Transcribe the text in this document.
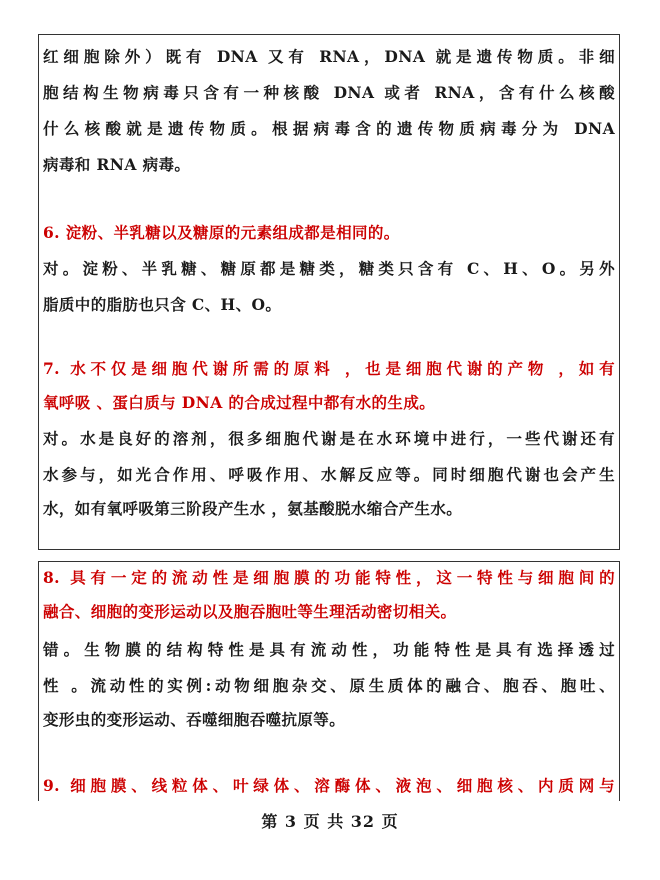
红细胞除外）既有 DNA 又有 RNA，DNA 就是遗传物质。非细
胞结构生物病毒只含有一种核酸 DNA 或者 RNA，含有什么核酸
什么核酸就是遗传物质。根据病毒含的遗传物质病毒分为 DNA
病毒和 RNA 病毒。
6. 淀粉、半乳糖以及糖原的元素组成都是相同的。
对。淀粉、半乳糖、糖原都是糖类，糖类只含有 C、H、O。另外
脂质中的脂肪也只含 C、H、O。
7. 水不仅是细胞代谢所需的原料 ，也是细胞代谢的产物 ，如有
氧呼吸 、蛋白质与 DNA 的合成过程中都有水的生成。
对。水是良好的溶剂，很多细胞代谢是在水环境中进行，一些代谢还有
水参与，如光合作用、呼吸作用、水解反应等。同时细胞代谢也会产生
水，如有氧呼吸第三阶段产生水 ，氨基酸脱水缩合产生水。
8. 具有一定的流动性是细胞膜的功能特性，这一特性与细胞间的
融合、细胞的变形运动以及胞吞胞吐等生理活动密切相关。
错。生物膜的结构特性是具有流动性，功能特性是具有选择透过
性 。流动性的实例:动物细胞杂交、原生质体的融合、胞吞、胞吐、
变形虫的变形运动、吞噬细胞吞噬抗原等。
9. 细胞膜、线粒体、叶绿体、溶酶体、液泡、细胞核、内质网与
第 3 页 共 32 页
